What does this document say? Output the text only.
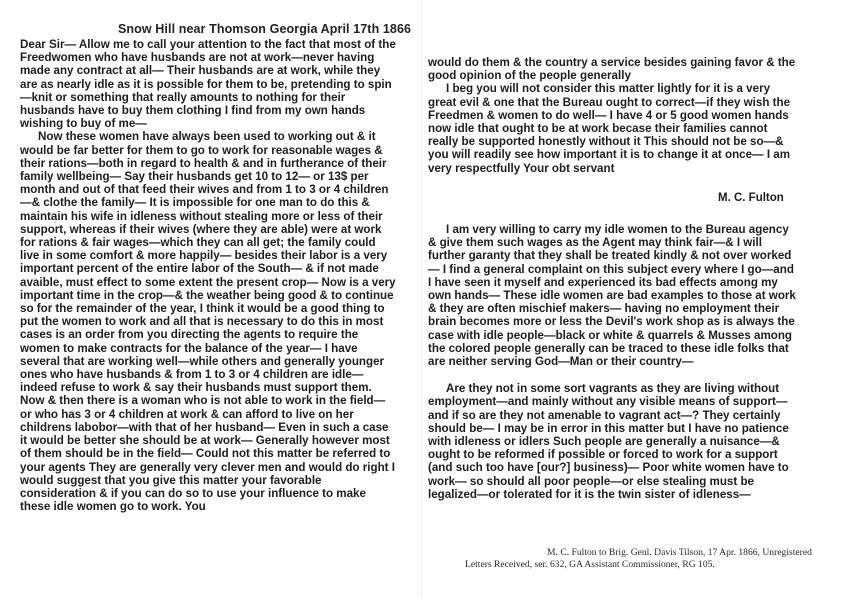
Snow Hill near Thomson Georgia April 17th 1866

Dear Sir— Allow me to call your attention to the fact that most of the Freedwomen who have husbands are not at work—never having made any contract at all— Their husbands are at work, while they are as nearly idle as it is possible for them to be, pretending to spin—knit or something that really amounts to nothing for their husbands have to buy them clothing I find from my own hands wishing to buy of me—

Now these women have always been used to working out & it would be far better for them to go to work for reasonable wages & their rations—both in regard to health & and in furtherance of their family wellbeing— Say their husbands get 10 to 12— or 13$ per month and out of that feed their wives and from 1 to 3 or 4 children—& clothe the family— It is impossible for one man to do this & maintain his wife in idleness without stealing more or less of their support, whereas if their wives (where they are able) were at work for rations & fair wages—which they can all get; the family could live in some comfort & more happily— besides their labor is a very important percent of the entire labor of the South— & if not made avaible, must effect to some extent the present crop— Now is a very important time in the crop—& the weather being good & to continue so for the remainder of the year, I think it would be a good thing to put the women to work and all that is necessary to do this in most cases is an order from you directing the agents to require the women to make contracts for the balance of the year— I have several that are working well—while others and generally younger ones who have husbands & from 1 to 3 or 4 children are idle—indeed refuse to work & say their husbands must support them. Now & then there is a woman who is not able to work in the field—or who has 3 or 4 children at work & can afford to live on her childrens labobor—with that of her husband— Even in such a case it would be better she should be at work— Generally however most of them should be in the field— Could not this matter be referred to your agents They are generally very clever men and would do right I would suggest that you give this matter your favorable consideration & if you can do so to use your influence to make these idle women go to work. You

would do them & the country a service besides gaining favor & the good opinion of the people generally

I beg you will not consider this matter lightly for it is a very great evil & one that the Bureau ought to correct—if they wish the Freedmen & women to do well— I have 4 or 5 good women hands now idle that ought to be at work becase their families cannot really be supported honestly without it This should not be so—& you will readily see how important it is to change it at once— I am very respectfully Your obt servant

M. C. Fulton

I am very willing to carry my idle women to the Bureau agency & give them such wages as the Agent may think fair—& I will further garanty that they shall be treated kindly & not over worked— I find a general complaint on this subject every where I go—and I have seen it myself and experienced its bad effects among my own hands— These idle women are bad examples to those at work & they are often mischief makers— having no employment their brain becomes more or less the Devil's work shop as is always the case with idle people—black or white & quarrels & Musses among the colored people generally can be traced to these idle folks that are neither serving God—Man or their country—

Are they not in some sort vagrants as they are living without employment—and mainly without any visible means of support—and if so are they not amenable to vagrant act—? They certainly should be— I may be in error in this matter but I have no patience with idleness or idlers Such people are generally a nuisance—& ought to be reformed if possible or forced to work for a support (and such too have [our?] business)— Poor white women have to work— so should all poor people—or else stealing must be legalized—or tolerated for it is the twin sister of idleness—

M. C. Fulton to Brig. Genl. Davis Tilson, 17 Apr. 1866, Unregistered Letters Received, ser. 632, GA Assistant Commissioner, RG 105.
